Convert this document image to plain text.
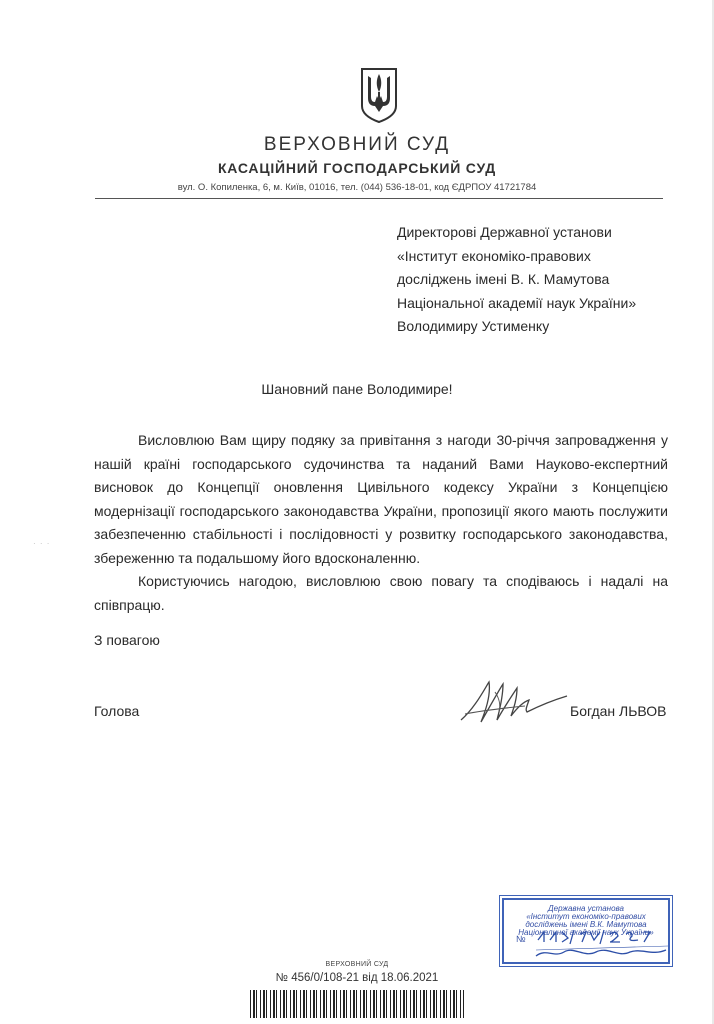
ВЕРХОВНИЙ СУД
КАСАЦІЙНИЙ ГОСПОДАРСЬКИЙ СУД
вул. О. Копиленка, 6, м. Київ, 01016, тел. (044) 536-18-01, код ЄДРПОУ 41721784
Директорові Державної установи
«Інститут економіко-правових
досліджень імені В. К. Мамутова
Національної академії наук України»
Володимиру Устименку
Шановний пане Володимире!

Висловлюю Вам щиру подяку за привітання з нагоди 30-річчя запровадження у нашій країні господарського судочинства та наданий Вами Науково-експертний висновок до Концепції оновлення Цивільного кодексу України з Концепцією модернізації господарського законодавства України, пропозиції якого мають послужити забезпеченню стабільності і послідовності у розвитку господарського законодавства, збереженню та подальшому його вдосконаленню.

Користуючись нагодою, висловлюю свою повагу та сподіваюсь і надалі на співпрацю.

· · ·
З повагою
Голова	Богдан ЛЬВОВ
Державна установа
«Інститут економіко-правових
досліджень імені В.К. Мамутова
Національної академії наук України»
№
ВЕРХОВНИЙ СУД
№ 456/0/108-21 від 18.06.2021
